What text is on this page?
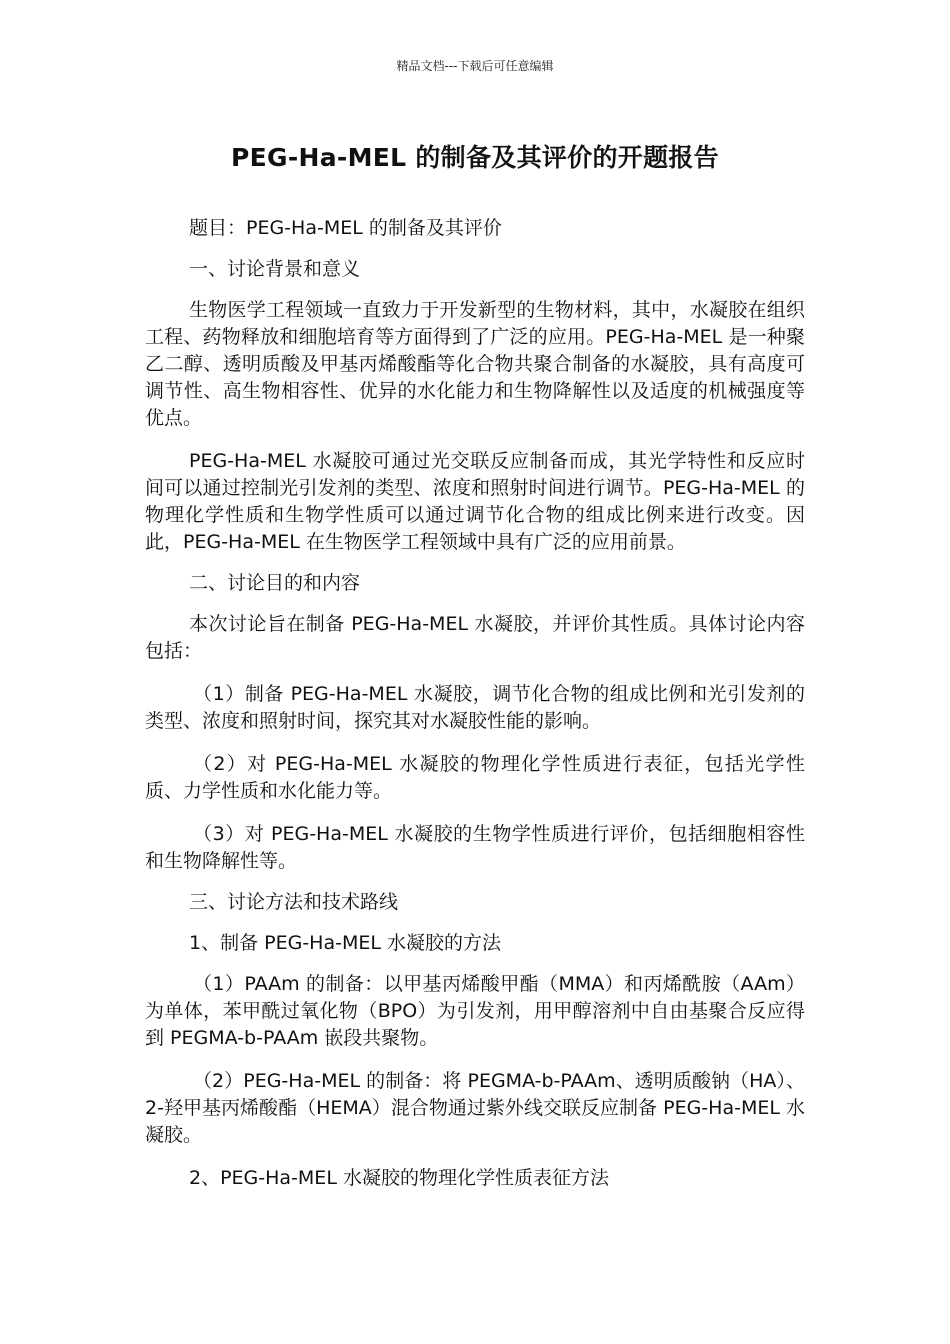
精品文档---下载后可任意编辑
PEG-Ha-MEL 的制备及其评价的开题报告

题目：PEG-Ha-MEL 的制备及其评价

一、讨论背景和意义

生物医学工程领域一直致力于开发新型的生物材料，其中，水凝胶在组织工程、药物释放和细胞培育等方面得到了广泛的应用。PEG-Ha-MEL 是一种聚乙二醇、透明质酸及甲基丙烯酸酯等化合物共聚合制备的水凝胶，具有高度可调节性、高生物相容性、优异的水化能力和生物降解性以及适度的机械强度等优点。

PEG-Ha-MEL 水凝胶可通过光交联反应制备而成，其光学特性和反应时间可以通过控制光引发剂的类型、浓度和照射时间进行调节。PEG-Ha-MEL 的物理化学性质和生物学性质可以通过调节化合物的组成比例来进行改变。因此，PEG-Ha-MEL 在生物医学工程领域中具有广泛的应用前景。

二、讨论目的和内容

本次讨论旨在制备 PEG-Ha-MEL 水凝胶，并评价其性质。具体讨论内容包括：

（1）制备 PEG-Ha-MEL 水凝胶，调节化合物的组成比例和光引发剂的类型、浓度和照射时间，探究其对水凝胶性能的影响。

（2）对 PEG-Ha-MEL 水凝胶的物理化学性质进行表征，包括光学性质、力学性质和水化能力等。

（3）对 PEG-Ha-MEL 水凝胶的生物学性质进行评价，包括细胞相容性和生物降解性等。

三、讨论方法和技术路线

1、制备 PEG-Ha-MEL 水凝胶的方法

（1）PAAm 的制备：以甲基丙烯酸甲酯（MMA）和丙烯酰胺（AAm）为单体，苯甲酰过氧化物（BPO）为引发剂，用甲醇溶剂中自由基聚合反应得到 PEGMA-b-PAAm 嵌段共聚物。

（2）PEG-Ha-MEL 的制备：将 PEGMA-b-PAAm、透明质酸钠（HA）、2-羟甲基丙烯酸酯（HEMA）混合物通过紫外线交联反应制备 PEG-Ha-MEL 水凝胶。

2、PEG-Ha-MEL 水凝胶的物理化学性质表征方法
